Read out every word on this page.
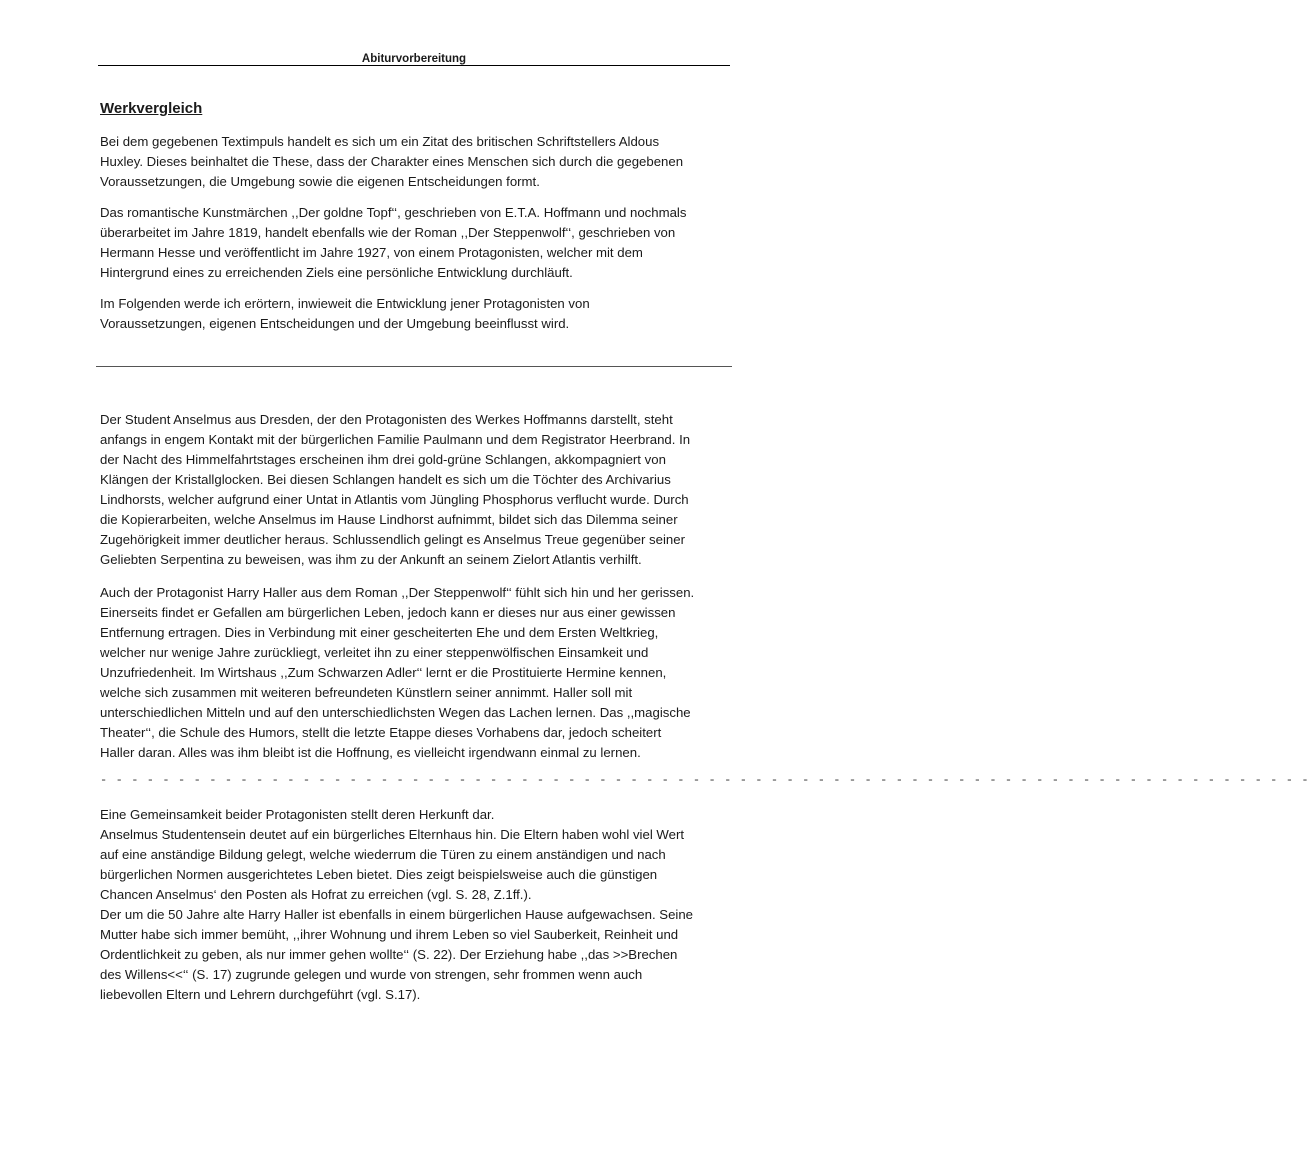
Abiturvorbereitung
Werkvergleich

Bei dem gegebenen Textimpuls handelt es sich um ein Zitat des britischen Schriftstellers Aldous
Huxley. Dieses beinhaltet die These, dass der Charakter eines Menschen sich durch die gegebenen
Voraussetzungen, die Umgebung sowie die eigenen Entscheidungen formt.

Das romantische Kunstmärchen ,,Der goldne Topf‘‘, geschrieben von E.T.A. Hoffmann und nochmals
überarbeitet im Jahre 1819, handelt ebenfalls wie der Roman ,,Der Steppenwolf‘‘, geschrieben von
Hermann Hesse und veröffentlicht im Jahre 1927, von einem Protagonisten, welcher mit dem
Hintergrund eines zu erreichenden Ziels eine persönliche Entwicklung durchläuft.

Im Folgenden werde ich erörtern, inwieweit die Entwicklung jener Protagonisten von
Voraussetzungen, eigenen Entscheidungen und der Umgebung beeinflusst wird.

Der Student Anselmus aus Dresden, der den Protagonisten des Werkes Hoffmanns darstellt, steht
anfangs in engem Kontakt mit der bürgerlichen Familie Paulmann und dem Registrator Heerbrand. In
der Nacht des Himmelfahrtstages erscheinen ihm drei gold-grüne Schlangen, akkompagniert von
Klängen der Kristallglocken. Bei diesen Schlangen handelt es sich um die Töchter des Archivarius
Lindhorsts, welcher aufgrund einer Untat in Atlantis vom Jüngling Phosphorus verflucht wurde. Durch
die Kopierarbeiten, welche Anselmus im Hause Lindhorst aufnimmt, bildet sich das Dilemma seiner
Zugehörigkeit immer deutlicher heraus. Schlussendlich gelingt es Anselmus Treue gegenüber seiner
Geliebten Serpentina zu beweisen, was ihm zu der Ankunft an seinem Zielort Atlantis verhilft.

Auch der Protagonist Harry Haller aus dem Roman ,,Der Steppenwolf‘‘ fühlt sich hin und her gerissen.
Einerseits findet er Gefallen am bürgerlichen Leben, jedoch kann er dieses nur aus einer gewissen
Entfernung ertragen. Dies in Verbindung mit einer gescheiterten Ehe und dem Ersten Weltkrieg,
welcher nur wenige Jahre zurückliegt, verleitet ihn zu einer steppenwölfischen Einsamkeit und
Unzufriedenheit. Im Wirtshaus ,,Zum Schwarzen Adler‘‘ lernt er die Prostituierte Hermine kennen,
welche sich zusammen mit weiteren befreundeten Künstlern seiner annimmt. Haller soll mit
unterschiedlichen Mitteln und auf den unterschiedlichsten Wegen das Lachen lernen. Das ,,magische
Theater‘‘, die Schule des Humors, stellt die letzte Etappe dieses Vorhabens dar, jedoch scheitert
Haller daran. Alles was ihm bleibt ist die Hoffnung, es vielleicht irgendwann einmal zu lernen.

- - - - - - - - - - - - - - - - - - - - - - - - - - - - - - - - - - - - - - - - - - - - - - - - - - - - - - - - - - - - - - - - - - - - - - - - - - - - - -

Eine Gemeinsamkeit beider Protagonisten stellt deren Herkunft dar.
Anselmus Studentensein deutet auf ein bürgerliches Elternhaus hin. Die Eltern haben wohl viel Wert
auf eine anständige Bildung gelegt, welche wiederrum die Türen zu einem anständigen und nach
bürgerlichen Normen ausgerichtetes Leben bietet. Dies zeigt beispielsweise auch die günstigen
Chancen Anselmus‘ den Posten als Hofrat zu erreichen (vgl. S. 28, Z.1ff.).
Der um die 50 Jahre alte Harry Haller ist ebenfalls in einem bürgerlichen Hause aufgewachsen. Seine
Mutter habe sich immer bemüht, ,,ihrer Wohnung und ihrem Leben so viel Sauberkeit, Reinheit und
Ordentlichkeit zu geben, als nur immer gehen wollte‘‘ (S. 22). Der Erziehung habe ,,das >>Brechen
des Willens<<‘‘ (S. 17) zugrunde gelegen und wurde von strengen, sehr frommen wenn auch
liebevollen Eltern und Lehrern durchgeführt (vgl. S.17).
